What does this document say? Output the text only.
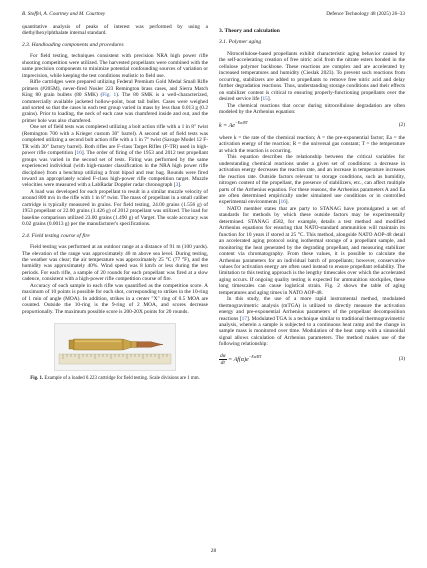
B. Stoffel, A. Courtney and M. Courtney	Defence Technology 48 (2025) 26–33

quantitative analysis of peaks of interest was performed by using a diethylhexylphthalate internal standard.

2.3. Handloading components and procedures

For field testing, techniques consistent with precision NRA high power rifle shooting competition were utilized. The harvested propellants were combined with the same precision components to minimize potential confounding sources of variation or imprecision, while keeping the test conditions realistic to field use.

Rifle cartridges were prepared utilizing Federal Premium Gold Medal Small Rifle primers (#205M), never-fired Nosler 223 Remington brass cases, and Sierra Match King 80 grain bullets (80 SMK) (Fig. 1). The 80 SMK is a well-characterized, commercially available jacketed hollow-point, boat tail bullet. Cases were weighed and sorted so that the cases in each test group varied in mass by less than 0.013 g (0.2 grains). Prior to loading, the neck of each case was chamfered inside and out, and the primer hole was also chamfered.

One set of field tests was completed utilizing a bolt action rifle with a 1 in 8″ twist (Remington 700 with a Krieger custom 30″ barrel). A second set of field tests was completed utilizing a second bolt action rifle with a 1 in 7″ twist (Savage Model 12 F-TR with 30″ factory barrel). Both rifles are F-class Target Rifles (F-TR) used in high-power rifle competition [16]. The order of firing of the 1953 and 2012 test propellant groups was varied in the second set of tests. Firing was performed by the same experienced individual (with high-master classification in the NRA high power rifle discipline) from a benchtop utilizing a front bipod and rear bag. Rounds were fired toward an appropriately scaled F-class high-power rifle competition target. Muzzle velocities were measured with a LabRadar Doppler radar chronograph [3].

A load was developed for each propellant to result in a similar muzzle velocity of around 800 m/s in the rifle with 1 in 8″ twist. The mass of propellant in a small caliber cartridge is typically measured in grains. For field testing, 24.00 grains (1.556 g) of 1953 propellant or 22.00 grains (1.426 g) of 2012 propellant was utilized. The load for baseline comparison utilized 23.00 grains (1.490 g) of Varget. The scale accuracy was 0.02 grains (0.0013 g) per the manufacturer's specifications.

2.4. Field testing course of fire

Field testing was performed at an outdoor range at a distance of 91 m (100 yards). The elevation of the range was approximately 40 m above sea level. During testing, the weather was clear; the air temperature was approximately 25 °C (77 °F), and the humidity was approximately 40%. Wind speed was 8 km/h or less during the test periods. For each rifle, a sample of 20 rounds for each propellant was fired at a slow cadence, consistent with a high-power rifle competition course of fire.

Accuracy of each sample in each rifle was quantified as the competition score. A maximum of 10 points is possible for each shot, corresponding to strikes in the 10-ring of 1 min of angle (MOA). In addition, strikes in a center "X" ring of 0.5 MOA are counted. Outside the 10-ring is the 9-ring of 2 MOA, and scores decrease proportionally. The maximum possible score is 200-20X points for 20 rounds.

Fig. 1. Example of a loaded 0.223 cartridge for field testing. Scale divisions are 1 mm.
3. Theory and calculation
3.1. Polymer aging

Nitrocellulose-based propellants exhibit characteristic aging behavior caused by the self-accelerating creation of free nitric acid from the nitrate esters bonded in the cellulose polymer backbone. These reactions are complex and are accelerated by increased temperatures and humidity (Cieslak 2023). To prevent such reactions from occurring, stabilizers are added to propellants to remove free nitric acid and delay further degradation reactions. Thus, understanding storage conditions and their effects on stabilizer content is critical to ensuring properly-functioning propellants over the desired service life [15].

The chemical reactions that occur during nitrocellulose degradation are often modeled by the Arrhenius equation:

$k = Ae^{-Ea/RT}$	(2)

where k = the rate of the chemical reaction; A = the pre-exponential factor; Ea = the activation energy of the reaction; R = the universal gas constant; T = the temperature at which the reaction is occurring.

This equation describes the relationship between the critical variables for understanding chemical reactions under a given set of conditions: a decrease in activation energy decreases the reaction rate, and an increase in temperature increases the reaction rate. Outside factors relevant to storage conditions, such as humidity, nitrogen content of the propellant, the presence of stabilizers, etc., can affect multiple parts of the Arrhenius equation. For these reasons, the Arrhenius parameters A and Ea are often determined empirically under simulated use conditions or in controlled experimental environments [16].

NATO member states that are party to STANAG have promulgated a set of standards for methods by which these outside factors may be experimentally determined. STANAG 4582, for example, details a test method and modified Arrhenius equations for ensuring that NATO-standard ammunition will maintain its function for 10 years if stored at 25 °C. This method, alongside NATO AOP-48 detail an accelerated aging protocol using isothermal storage of a propellant sample, and monitoring the heat generated by the degrading propellant, and measuring stabilizer content via chromatography. From these values, it is possible to calculate the Arrhenius parameters for an individual batch of propellants; however, conservative values for activation energy are often used instead to ensure propellant reliability. The limitation to this testing approach is the lengthy timescales over which the accelerated aging occurs. If ongoing quality testing is expected for ammunition stockpiles, these long timescales can cause logistical strain. Fig. 2 shows the table of aging temperatures and aging times in NATO AOP-48.

In this study, the use of a more rapid instrumental method, modulated thermogravimetric analysis (mTGA) is utilized to directly measure the activation energy and pre-exponential Arrhenius parameters of the propellant decomposition reactions [17]. Modulated TGA is a technique similar to traditional thermogravimetric analysis, wherein a sample is subjected to a continuous heat ramp and the change in sample mass is monitored over time. Modulation of the heat ramp with a sinusoidal signal allows calculation of Arrhenius parameters. The method makes use of the following relationship:

$\frac{d\alpha}{dt} = Af(\alpha)e^{-Ea/RT}$	(3)
28
